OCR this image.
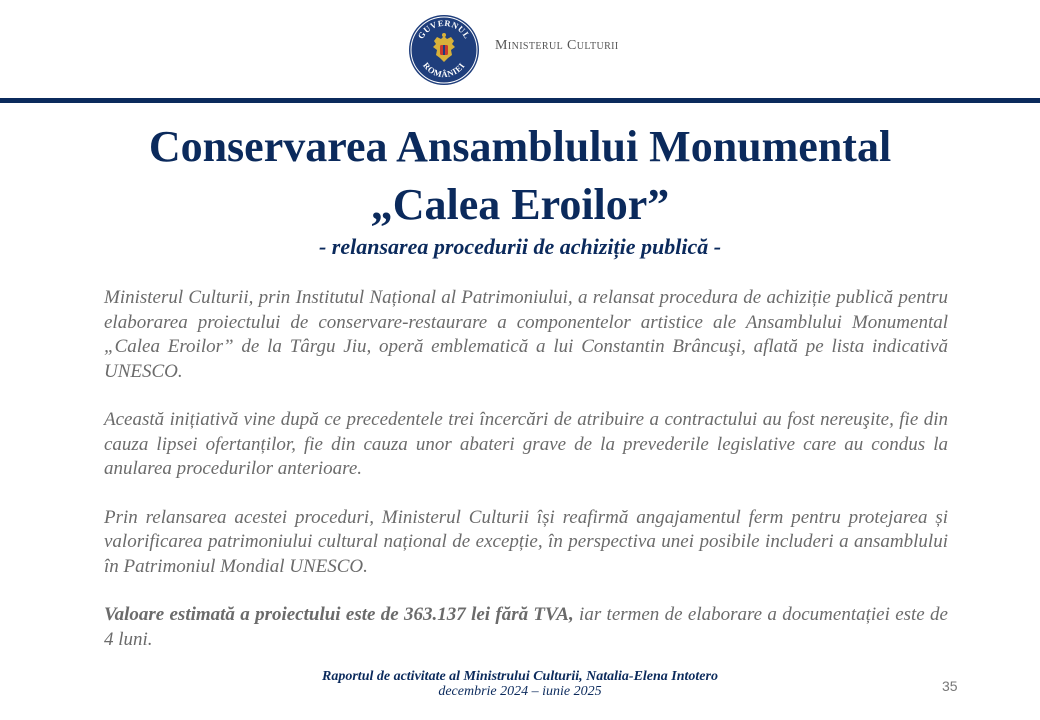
GUVERNUL
ROMÂNIEI
Ministerul Culturii
Conservarea Ansamblului Monumental
„Calea Eroilor”
- relansarea procedurii de achiziție publică -

Ministerul Culturii, prin Institutul Național al Patrimoniului, a relansat procedura de achiziție publică pentru elaborarea proiectului de conservare-restaurare a componentelor artistice ale Ansamblului Monumental „Calea Eroilor” de la Târgu Jiu, operă emblematică a lui Constantin Brâncuşi, aflată pe lista indicativă UNESCO.

Această inițiativă vine după ce precedentele trei încercări de atribuire a contractului au fost nereuşite, fie din cauza lipsei ofertanților, fie din cauza unor abateri grave de la prevederile legislative care au condus la anularea procedurilor anterioare.

Prin relansarea acestei proceduri, Ministerul Culturii își reafirmă angajamentul ferm pentru protejarea și valorificarea patrimoniului cultural național de excepție, în perspectiva unei posibile includeri a ansamblului în Patrimoniul Mondial UNESCO.

Valoare estimată a proiectului este de 363.137 lei fără TVA, iar termen de elaborare a documentației este de 4 luni.

Raportul de activitate al Ministrului Culturii, Natalia-Elena Intotero
decembrie 2024 – iunie 2025	35
